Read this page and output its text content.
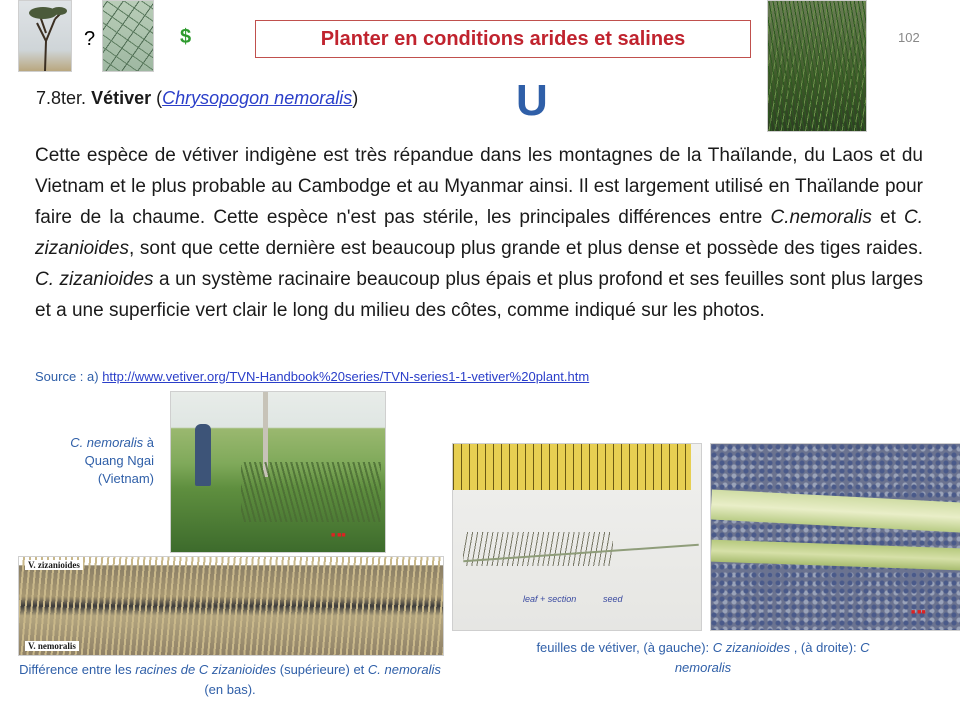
?	$	Planter en conditions arides et salines	102
7.8ter. Vétiver (Chrysopogon nemoralis)	U
Cette espèce de vétiver indigène est très répandue dans les montagnes de la Thaïlande, du Laos et du Vietnam et le plus probable au Cambodge et au Myanmar ainsi. Il est largement utilisé en Thaïlande pour faire de la chaume. Cette espèce n'est pas stérile, les principales différences entre C.nemoralis et C. zizanioides, sont que cette dernière est beaucoup plus grande et plus dense et possède des tiges raides. C. zizanioides a un système racinaire beaucoup plus épais et plus profond et ses feuilles sont plus larges et a une superficie vert clair le long du milieu des côtes, comme indiqué sur les photos.
Source : a) http://www.vetiver.org/TVN-Handbook%20series/TVN-series1-1-vetiver%20plant.htm
C. nemoralis à Quang Ngai (Vietnam)
■ ■■
V. zizanioides
V. nemoralis
Différence entre les racines de C zizanioides (supérieure) et C. nemoralis (en bas).
leaf + section	seed
■ ■■
feuilles de vétiver, (à gauche): C zizanioides , (à droite): C nemoralis
